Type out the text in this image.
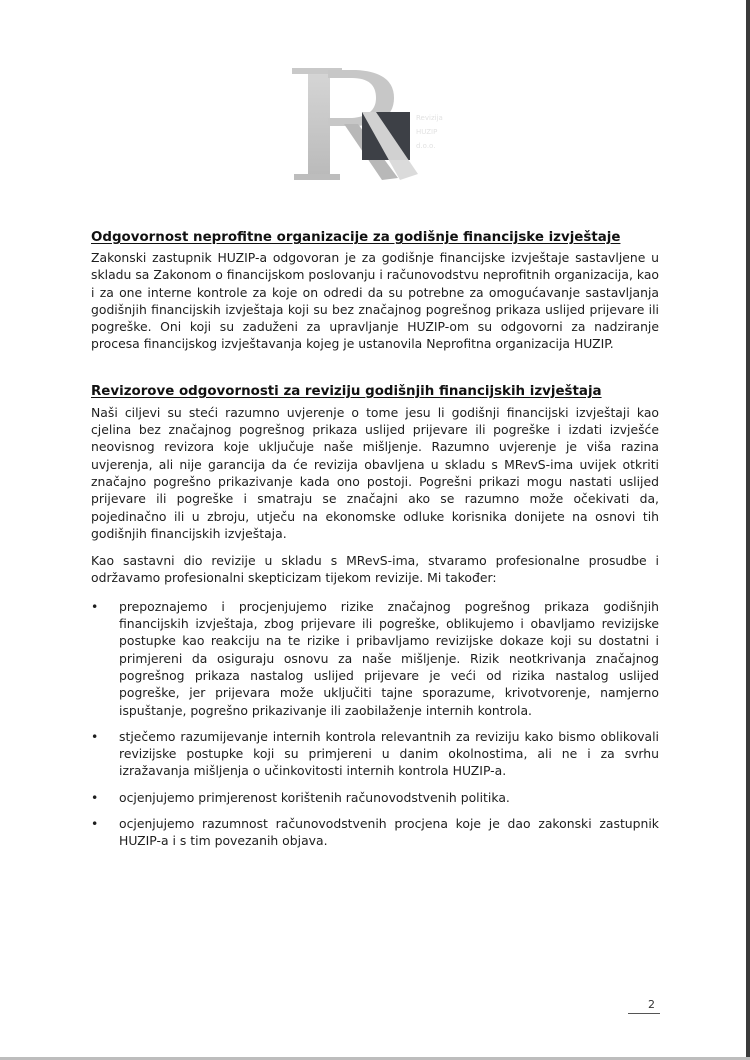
Revizija
HUZIP
d.o.o.
Odgovornost neprofitne organizacije za godišnje financijske izvještaje

Zakonski zastupnik HUZIP-a odgovoran je za godišnje financijske izvještaje sastavljene u skladu sa Zakonom o financijskom poslovanju i računovodstvu neprofitnih organizacija, kao i za one interne kontrole za koje on odredi da su potrebne za omogućavanje sastavljanja godišnjih financijskih izvještaja koji su bez značajnog pogrešnog prikaza uslijed prijevare ili pogreške. Oni koji su zaduženi za upravljanje HUZIP-om su odgovorni za nadziranje procesa financijskog izvještavanja kojeg je ustanovila Neprofitna organizacija HUZIP.

Revizorove odgovornosti za reviziju godišnjih financijskih izvještaja

Naši ciljevi su steći razumno uvjerenje o tome jesu li godišnji financijski izvještaji kao cjelina bez značajnog pogrešnog prikaza uslijed prijevare ili pogreške i izdati izvješće neovisnog revizora koje uključuje naše mišljenje. Razumno uvjerenje je viša razina uvjerenja, ali nije garancija da će revizija obavljena u skladu s MRevS-ima uvijek otkriti značajno pogrešno prikazivanje kada ono postoji. Pogrešni prikazi mogu nastati uslijed prijevare ili pogreške i smatraju se značajni ako se razumno može očekivati da, pojedinačno ili u zbroju, utječu na ekonomske odluke korisnika donijete na osnovi tih godišnjih financijskih izvještaja.

Kao sastavni dio revizije u skladu s MRevS-ima, stvaramo profesionalne prosudbe i održavamo profesionalni skepticizam tijekom revizije. Mi također:

• prepoznajemo i procjenjujemo rizike značajnog pogrešnog prikaza godišnjih financijskih izvještaja, zbog prijevare ili pogreške, oblikujemo i obavljamo revizijske postupke kao reakciju na te rizike i pribavljamo revizijske dokaze koji su dostatni i primjereni da osiguraju osnovu za naše mišljenje. Rizik neotkrivanja značajnog pogrešnog prikaza nastalog uslijed prijevare je veći od rizika nastalog uslijed pogreške, jer prijevara može uključiti tajne sporazume, krivotvorenje, namjerno ispuštanje, pogrešno prikazivanje ili zaobilaženje internih kontrola.

• stječemo razumijevanje internih kontrola relevantnih za reviziju kako bismo oblikovali revizijske postupke koji su primjereni u danim okolnostima, ali ne i za svrhu izražavanja mišljenja o učinkovitosti internih kontrola HUZIP-a.

• ocjenjujemo primjerenost korištenih računovodstvenih politika.

• ocjenjujemo razumnost računovodstvenih procjena koje je dao zakonski zastupnik HUZIP-a i s tim povezanih objava.

2
